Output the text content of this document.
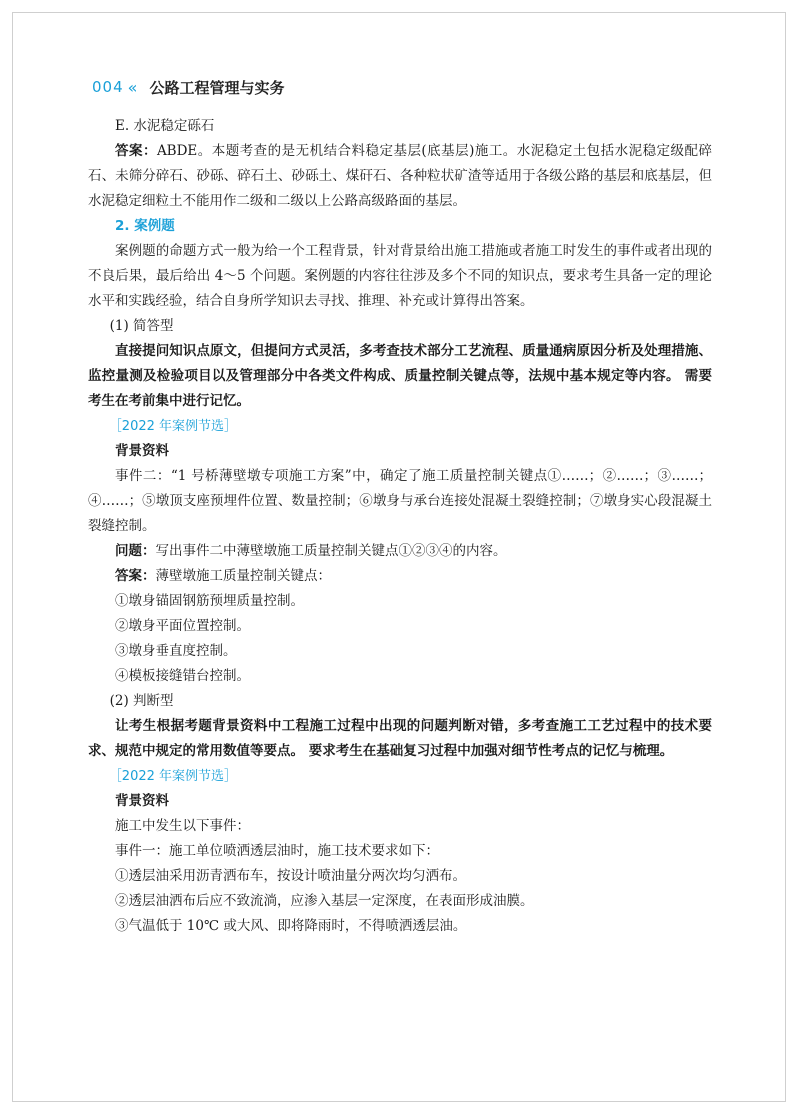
004 « 公路工程管理与实务

E. 水泥稳定砾石

答案：ABDE。本题考查的是无机结合料稳定基层(底基层)施工。水泥稳定土包括水泥稳定级配碎石、未筛分碎石、砂砾、碎石土、砂砾土、煤矸石、各种粒状矿渣等适用于各级公路的基层和底基层，但水泥稳定细粒土不能用作二级和二级以上公路高级路面的基层。

2. 案例题

案例题的命题方式一般为给一个工程背景，针对背景给出施工措施或者施工时发生的事件或者出现的不良后果，最后给出 4～5 个问题。案例题的内容往往涉及多个不同的知识点，要求考生具备一定的理论水平和实践经验，结合自身所学知识去寻找、推理、补充或计算得出答案。

(1) 简答型

直接提问知识点原文，但提问方式灵活，多考查技术部分工艺流程、质量通病原因分析及处理措施、监控量测及检验项目以及管理部分中各类文件构成、质量控制关键点等，法规中基本规定等内容。 需要考生在考前集中进行记忆。

［2022 年案例节选］

背景资料

事件二：“1 号桥薄壁墩专项施工方案”中，确定了施工质量控制关键点①……；②……；③……；④……；⑤墩顶支座预埋件位置、数量控制；⑥墩身与承台连接处混凝土裂缝控制；⑦墩身实心段混凝土裂缝控制。

问题：写出事件二中薄壁墩施工质量控制关键点①②③④的内容。

答案：薄壁墩施工质量控制关键点：

①墩身锚固钢筋预埋质量控制。

②墩身平面位置控制。

③墩身垂直度控制。

④模板接缝错台控制。

(2) 判断型

让考生根据考题背景资料中工程施工过程中出现的问题判断对错，多考查施工工艺过程中的技术要求、规范中规定的常用数值等要点。 要求考生在基础复习过程中加强对细节性考点的记忆与梳理。

［2022 年案例节选］

背景资料

施工中发生以下事件：

事件一：施工单位喷洒透层油时，施工技术要求如下：

①透层油采用沥青洒布车，按设计喷油量分两次均匀洒布。

②透层油洒布后应不致流淌，应渗入基层一定深度，在表面形成油膜。

③气温低于 10℃ 或大风、即将降雨时，不得喷洒透层油。
